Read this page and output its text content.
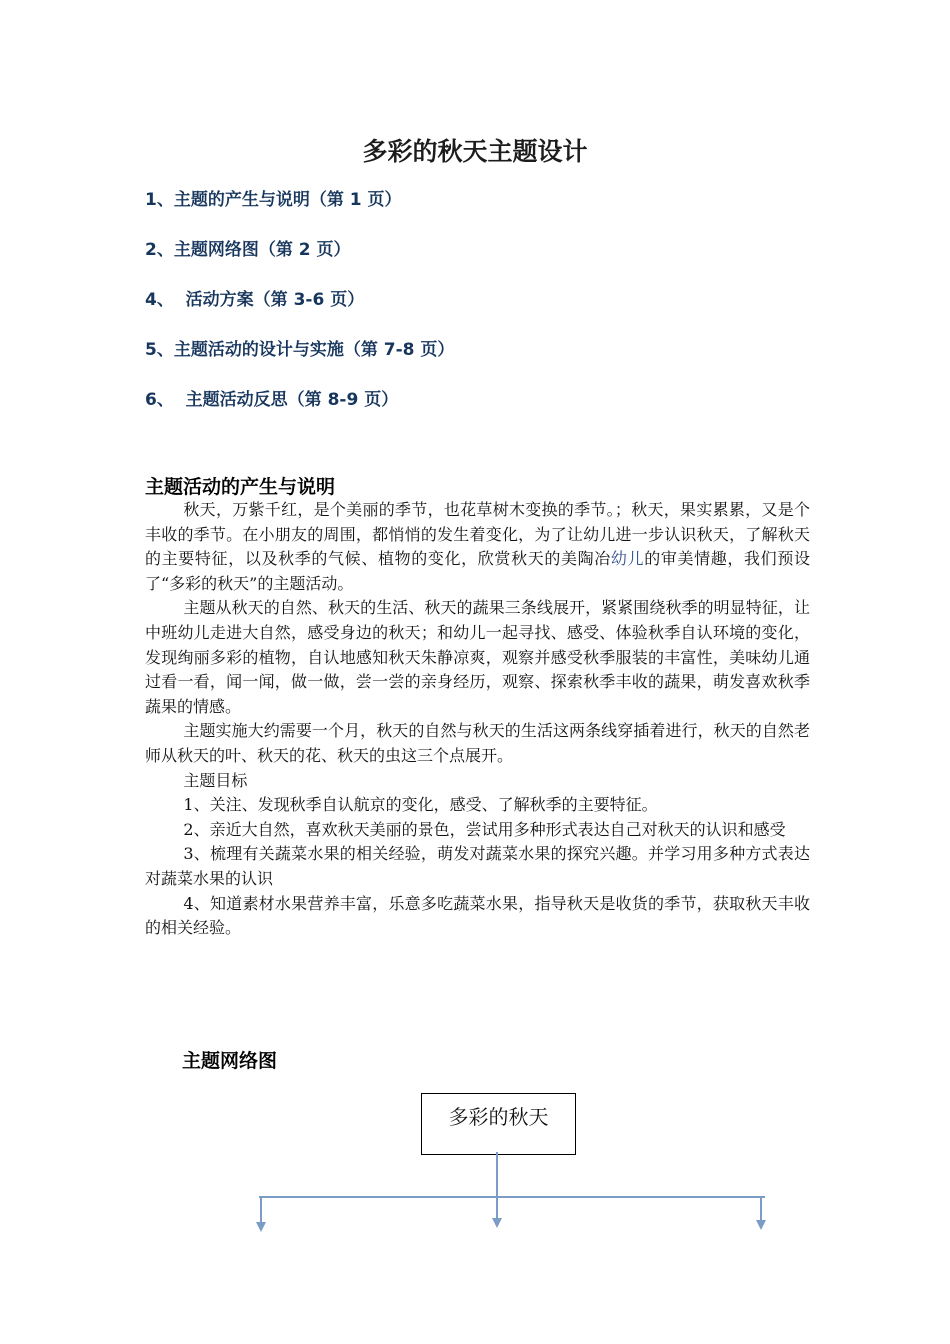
多彩的秋天主题设计
1、主题的产生与说明（第 1 页）
2、主题网络图（第 2 页）
4、  活动方案（第 3-6 页）
5、主题活动的设计与实施（第 7-8 页）
6、  主题活动反思（第 8-9 页）
主题活动的产生与说明

秋天，万紫千红，是个美丽的季节，也花草树木变换的季节。；秋天，果实累累，又是个丰收的季节。在小朋友的周围，都悄悄的发生着变化，为了让幼儿进一步认识秋天，了解秋天的主要特征，以及秋季的气候、植物的变化，欣赏秋天的美陶冶幼儿的审美情趣，我们预设了“多彩的秋天”的主题活动。

主题从秋天的自然、秋天的生活、秋天的蔬果三条线展开，紧紧围绕秋季的明显特征，让中班幼儿走进大自然，感受身边的秋天；和幼儿一起寻找、感受、体验秋季自认环境的变化，发现绚丽多彩的植物，自认地感知秋天朱静凉爽，观察并感受秋季服装的丰富性，美味幼儿通过看一看，闻一闻，做一做，尝一尝的亲身经历，观察、探索秋季丰收的蔬果，萌发喜欢秋季蔬果的情感。

主题实施大约需要一个月，秋天的自然与秋天的生活这两条线穿插着进行，秋天的自然老师从秋天的叶、秋天的花、秋天的虫这三个点展开。

主题目标

1、关注、发现秋季自认航京的变化，感受、了解秋季的主要特征。

2、亲近大自然，喜欢秋天美丽的景色，尝试用多种形式表达自己对秋天的认识和感受

3、梳理有关蔬菜水果的相关经验，萌发对蔬菜水果的探究兴趣。并学习用多种方式表达对蔬菜水果的认识

4、知道素材水果营养丰富，乐意多吃蔬菜水果，指导秋天是收货的季节，获取秋天丰收的相关经验。

主题网络图
多彩的秋天
